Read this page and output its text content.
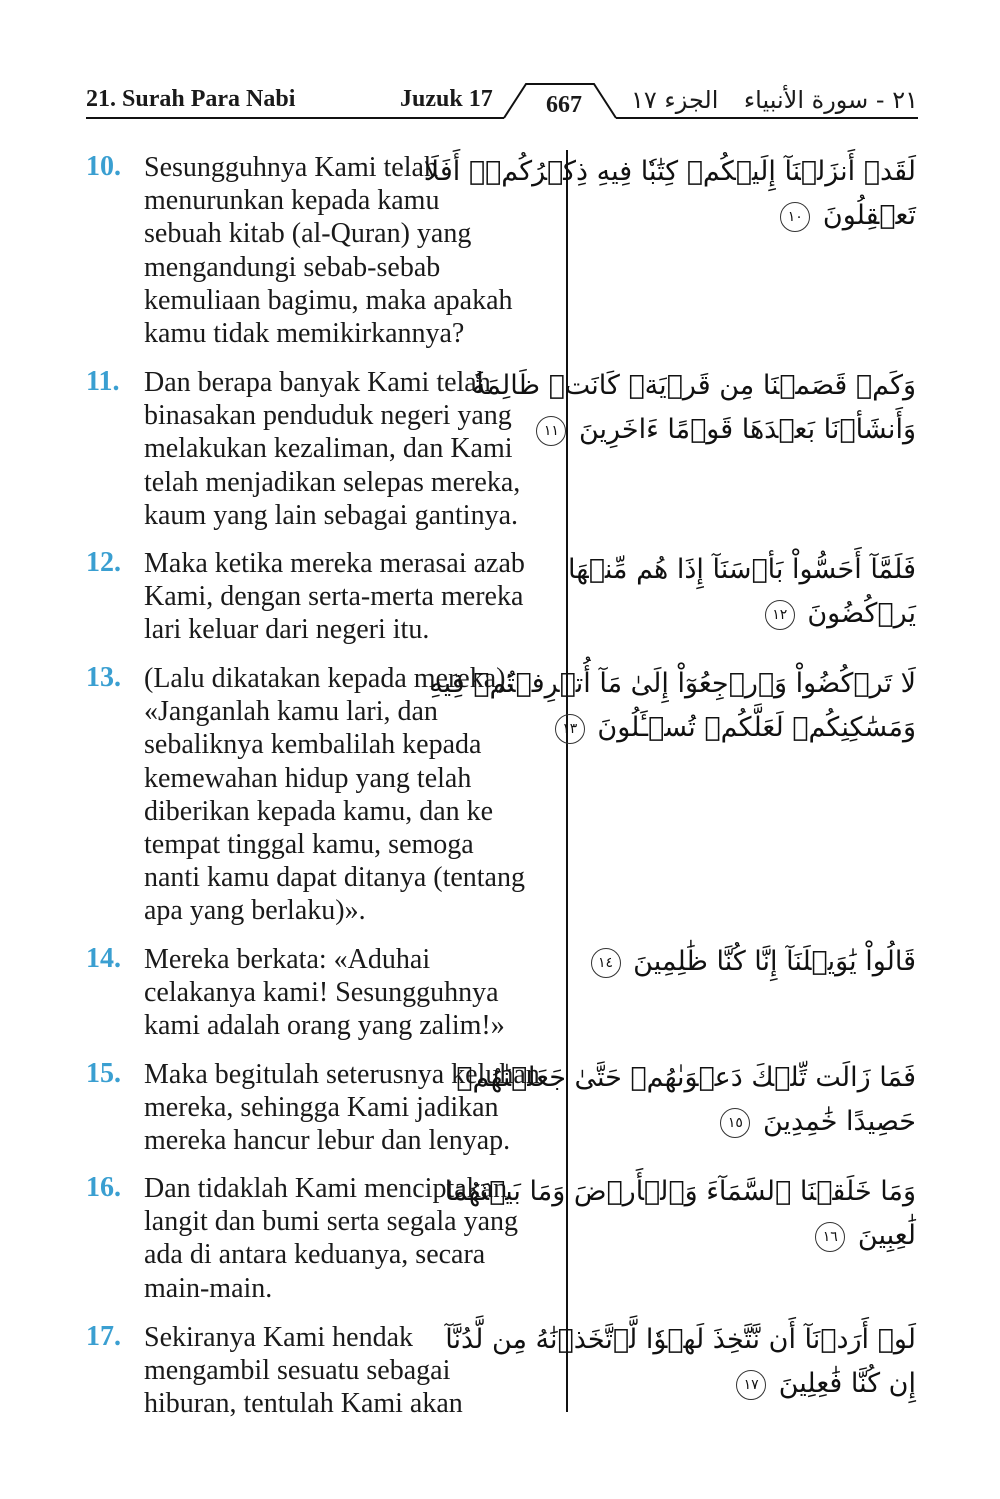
21. Surah Para Nabi	Juzuk 17	667	الجزء ١٧ ٢١ - سورة الأنبياء
10. Sesungguhnya Kami telah
menurunkan kepada kamu
sebuah kitab (al-Quran) yang
mengandungi sebab-sebab
kemuliaan bagimu, maka apakah
kamu tidak memikirkannya?
لَقَدۡ أَنزَلۡنَآ إِلَيۡكُمۡ كِتَٰبٗا فِيهِ ذِكۡرُكُمۡۚ أَفَلَا
تَعۡقِلُونَ ١٠
11. Dan berapa banyak Kami telah
binasakan penduduk negeri yang
melakukan kezaliman, dan Kami
telah menjadikan selepas mereka,
kaum yang lain sebagai gantinya.
وَكَمۡ قَصَمۡنَا مِن قَرۡيَةٖ كَانَتۡ ظَالِمَةٗ
وَأَنشَأۡنَا بَعۡدَهَا قَوۡمًا ءَاخَرِينَ ١١
12. Maka ketika mereka merasai azab
Kami, dengan serta-merta mereka
lari keluar dari negeri itu.
فَلَمَّآ أَحَسُّواْ بَأۡسَنَآ إِذَا هُم مِّنۡهَا
يَرۡكُضُونَ ١٢
13. (Lalu dikatakan kepada mereka):
«Janganlah kamu lari, dan
sebaliknya kembalilah kepada
kemewahan hidup yang telah
diberikan kepada kamu, dan ke
tempat tinggal kamu, semoga
nanti kamu dapat ditanya (tentang
apa yang berlaku)».
لَا تَرۡكُضُواْ وَٱرۡجِعُوٓاْ إِلَىٰ مَآ أُتۡرِفۡتُمۡ فِيهِ
وَمَسَٰكِنِكُمۡ لَعَلَّكُمۡ تُسۡـَٔلُونَ ١٣
14. Mereka berkata: «Aduhai
celakanya kami! Sesungguhnya
kami adalah orang yang zalim!»
قَالُواْ يَٰوَيۡلَنَآ إِنَّا كُنَّا ظَٰلِمِينَ ١٤
15. Maka begitulah seterusnya keluhan
mereka, sehingga Kami jadikan
mereka hancur lebur dan lenyap.
فَمَا زَالَت تِّلۡكَ دَعۡوَىٰهُمۡ حَتَّىٰ جَعَلۡنَٰهُمۡ
حَصِيدًا خَٰمِدِينَ ١٥
16. Dan tidaklah Kami menciptakan
langit dan bumi serta segala yang
ada di antara keduanya, secara
main-main.
وَمَا خَلَقۡنَا ٱلسَّمَآءَ وَٱلۡأَرۡضَ وَمَا بَيۡنَهُمَا
لَٰعِبِينَ ١٦
17. Sekiranya Kami hendak
mengambil sesuatu sebagai
hiburan, tentulah Kami akan
لَوۡ أَرَدۡنَآ أَن نَّتَّخِذَ لَهۡوٗا لَّٱتَّخَذۡنَٰهُ مِن لَّدُنَّآ
إِن كُنَّا فَٰعِلِينَ ١٧
